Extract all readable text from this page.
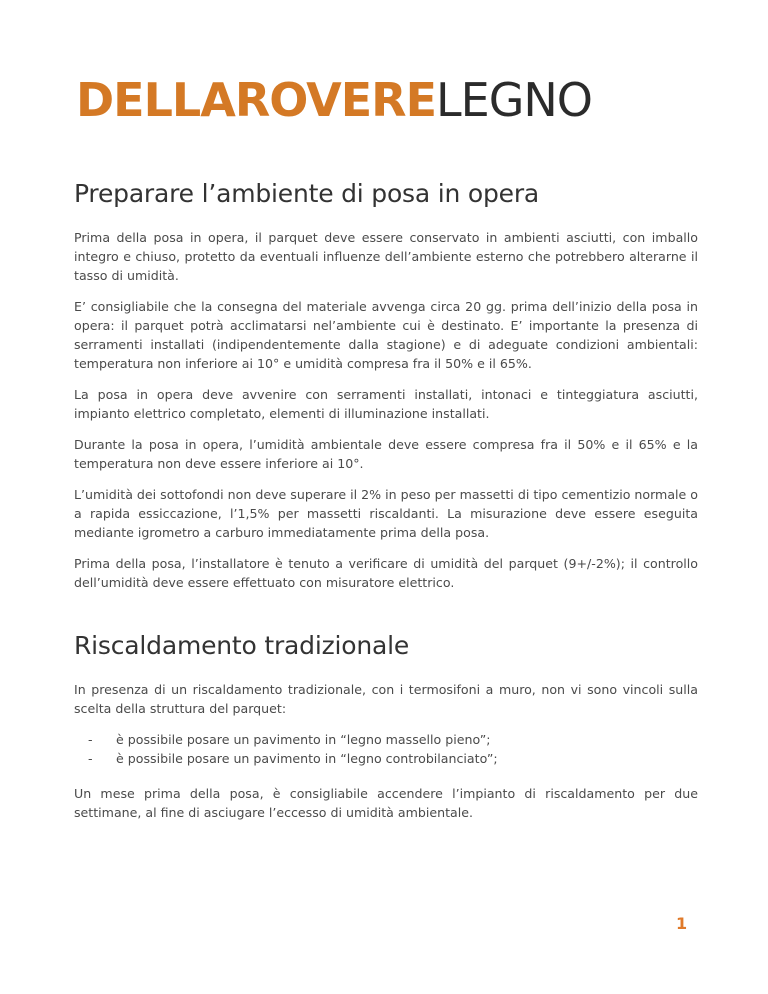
DELLAROVERELEGNO
Preparare l’ambiente di posa in opera

Prima della posa in opera, il parquet deve essere conservato in ambienti asciutti, con imballo integro e chiuso, protetto da eventuali influenze dell’ambiente esterno che potrebbero alterarne il tasso di umidità.

E’ consigliabile che la consegna del materiale avvenga circa 20 gg. prima dell’inizio della posa in opera: il parquet potrà acclimatarsi nel’ambiente cui è destinato. E’ importante la presenza di serramenti installati (indipendentemente dalla stagione) e di adeguate condizioni ambientali: temperatura non inferiore ai 10° e umidità compresa fra il 50% e il 65%.

La posa in opera deve avvenire con serramenti installati, intonaci e tinteggiatura asciutti, impianto elettrico completato, elementi di illuminazione installati.

Durante la posa in opera, l’umidità ambientale deve essere compresa fra il 50% e il 65% e la temperatura non deve essere inferiore ai 10°.

L’umidità dei sottofondi non deve superare il 2% in peso per massetti di tipo cementizio normale o a rapida essiccazione, l’1,5% per massetti riscaldanti. La misurazione deve essere eseguita mediante igrometro a carburo immediatamente prima della posa.

Prima della posa, l’installatore è tenuto a verificare di umidità del parquet (9+/-2%); il controllo dell’umidità deve essere effettuato con misuratore elettrico.

Riscaldamento tradizionale

In presenza di un riscaldamento tradizionale, con i termosifoni a muro, non vi sono vincoli sulla scelta della struttura del parquet:

- è possibile posare un pavimento in “legno massello pieno”;
- è possibile posare un pavimento in “legno controbilanciato”;

Un mese prima della posa, è consigliabile accendere l’impianto di riscaldamento per due settimane, al fine di asciugare l’eccesso di umidità ambientale.

1
